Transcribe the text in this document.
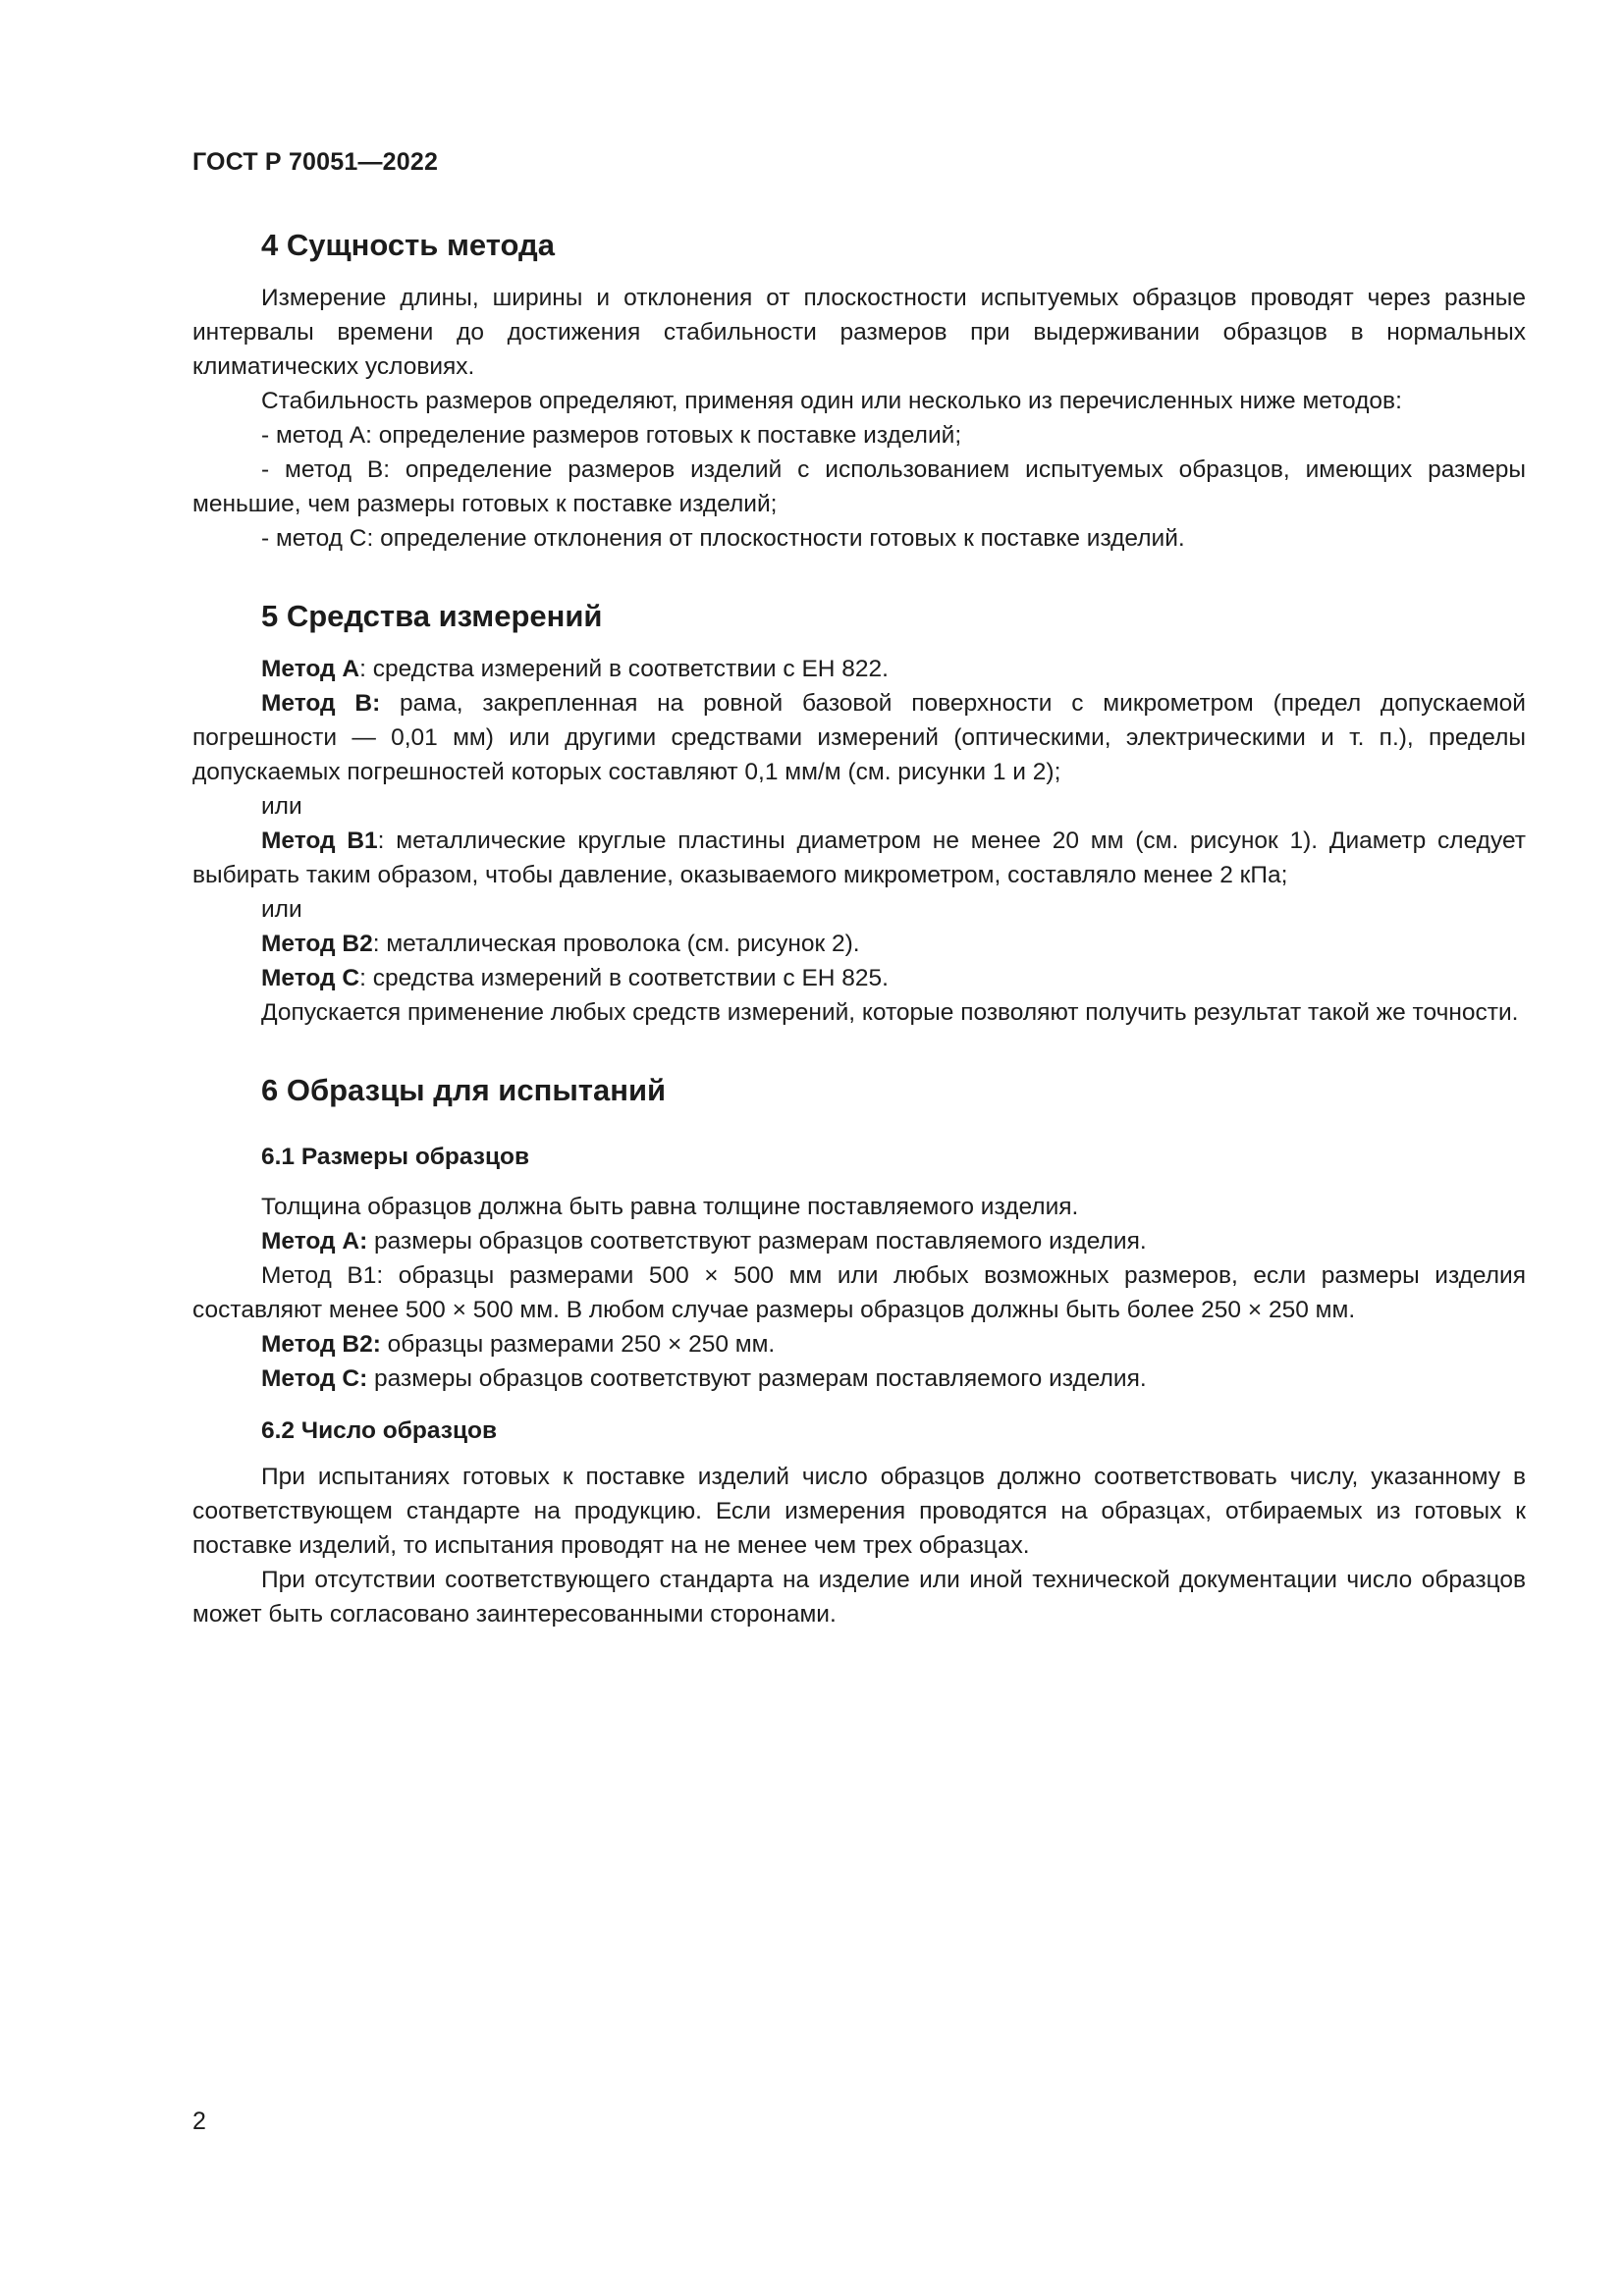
ГОСТ Р 70051—2022
4 Сущность метода

Измерение длины, ширины и отклонения от плоскостности испытуемых образцов проводят через разные интервалы времени до достижения стабильности размеров при выдерживании образцов в нормальных климатических условиях.

Стабильность размеров определяют, применяя один или несколько из перечисленных ниже методов:

- метод А: определение размеров готовых к поставке изделий;

- метод В: определение размеров изделий с использованием испытуемых образцов, имеющих размеры меньшие, чем размеры готовых к поставке изделий;

- метод С: определение отклонения от плоскостности готовых к поставке изделий.

5 Средства измерений

Метод А: средства измерений в соответствии с ЕН 822.

Метод В: рама, закрепленная на ровной базовой поверхности с микрометром (предел допускаемой погрешности — 0,01 мм) или другими средствами измерений (оптическими, электрическими и т. п.), пределы допускаемых погрешностей которых составляют 0,1 мм/м (см. рисунки 1 и 2);

или

Метод В1: металлические круглые пластины диаметром не менее 20 мм (см. рисунок 1). Диаметр следует выбирать таким образом, чтобы давление, оказываемого микрометром, составляло менее 2 кПа;

или

Метод В2: металлическая проволока (см. рисунок 2).

Метод С: средства измерений в соответствии с ЕН 825.

Допускается применение любых средств измерений, которые позволяют получить результат такой же точности.

6 Образцы для испытаний
6.1 Размеры образцов

Толщина образцов должна быть равна толщине поставляемого изделия.

Метод А: размеры образцов соответствуют размерам поставляемого изделия.

Метод В1: образцы размерами 500 × 500 мм или любых возможных размеров, если размеры изделия составляют менее 500 × 500 мм. В любом случае размеры образцов должны быть более 250 × 250 мм.

Метод В2: образцы размерами 250 × 250 мм.

Метод С: размеры образцов соответствуют размерам поставляемого изделия.

6.2 Число образцов

При испытаниях готовых к поставке изделий число образцов должно соответствовать числу, указанному в соответствующем стандарте на продукцию. Если измерения проводятся на образцах, отбираемых из готовых к поставке изделий, то испытания проводят на не менее чем трех образцах.

При отсутствии соответствующего стандарта на изделие или иной технической документации число образцов может быть согласовано заинтересованными сторонами.

2
